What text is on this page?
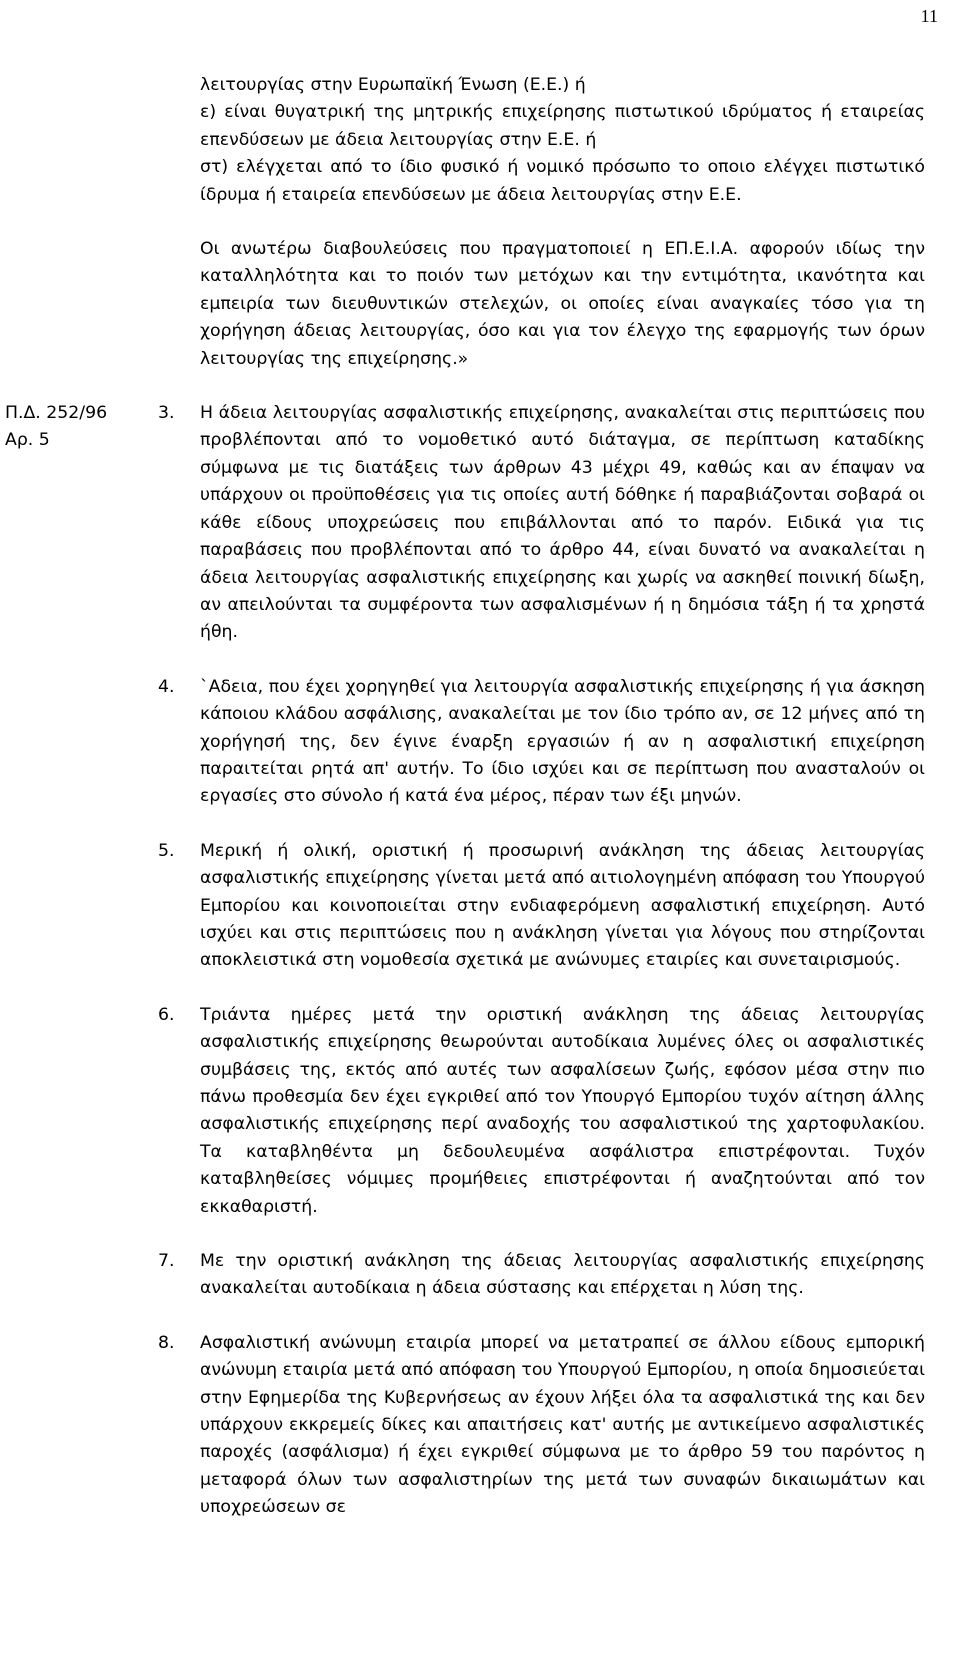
11
λειτουργίας στην Ευρωπαϊκή Ένωση (Ε.Ε.) ή
ε) είναι θυγατρική της μητρικής επιχείρησης πιστωτικού ιδρύματος ή εταιρείας επενδύσεων με άδεια λειτουργίας στην Ε.Ε. ή
στ) ελέγχεται από το ίδιο φυσικό ή νομικό πρόσωπο το οποιο ελέγχει πιστωτικό ίδρυμα ή εταιρεία επενδύσεων με άδεια λειτουργίας στην Ε.Ε.
Οι ανωτέρω διαβουλεύσεις που πραγματοποιεί η ΕΠ.Ε.Ι.Α. αφορούν ιδίως την καταλληλότητα και το ποιόν των μετόχων και την εντιμότητα, ικανότητα και εμπειρία των διευθυντικών στελεχών, οι οποίες είναι αναγκαίες τόσο για τη χορήγηση άδειας λειτουργίας, όσο και για τον έλεγχο της εφαρμογής των όρων λειτουργίας της επιχείρησης.»
Π.Δ. 252/96
Αρ. 5
3. Η άδεια λειτουργίας ασφαλιστικής επιχείρησης, ανακαλείται στις περιπτώσεις που προβλέπονται από το νομοθετικό αυτό διάταγμα, σε περίπτωση καταδίκης σύμφωνα με τις διατάξεις των άρθρων 43 μέχρι 49, καθώς και αν έπαψαν να υπάρχουν οι προϋποθέσεις για τις οποίες αυτή δόθηκε ή παραβιάζονται σοβαρά οι κάθε είδους υποχρεώσεις που επιβάλλονται από το παρόν. Ειδικά για τις παραβάσεις που προβλέπονται από το άρθρο 44, είναι δυνατό να ανακαλείται η άδεια λειτουργίας ασφαλιστικής επιχείρησης και χωρίς να ασκηθεί ποινική δίωξη, αν απειλούνται τα συμφέροντα των ασφαλισμένων ή η δημόσια τάξη ή τα χρηστά ήθη.
4. `Αδεια, που έχει χορηγηθεί για λειτουργία ασφαλιστικής επιχείρησης ή για άσκηση κάποιου κλάδου ασφάλισης, ανακαλείται με τον ίδιο τρόπο αν, σε 12 μήνες από τη χορήγησή της, δεν έγινε έναρξη εργασιών ή αν η ασφαλιστική επιχείρηση παραιτείται ρητά απ' αυτήν. Το ίδιο ισχύει και σε περίπτωση που ανασταλούν οι εργασίες στο σύνολο ή κατά ένα μέρος, πέραν των έξι μηνών.
5. Μερική ή ολική, οριστική ή προσωρινή ανάκληση της άδειας λειτουργίας ασφαλιστικής επιχείρησης γίνεται μετά από αιτιολογημένη απόφαση του Υπουργού Εμπορίου και κοινοποιείται στην ενδιαφερόμενη ασφαλιστική επιχείρηση. Αυτό ισχύει και στις περιπτώσεις που η ανάκληση γίνεται για λόγους που στηρίζονται αποκλειστικά στη νομοθεσία σχετικά με ανώνυμες εταιρίες και συνεταιρισμούς.
6. Τριάντα ημέρες μετά την οριστική ανάκληση της άδειας λειτουργίας ασφαλιστικής επιχείρησης θεωρούνται αυτοδίκαια λυμένες όλες οι ασφαλιστικές συμβάσεις της, εκτός από αυτές των ασφαλίσεων ζωής, εφόσον μέσα στην πιο πάνω προθεσμία δεν έχει εγκριθεί από τον Υπουργό Εμπορίου τυχόν αίτηση άλλης ασφαλιστικής επιχείρησης περί αναδοχής του ασφαλιστικού της χαρτοφυλακίου. Τα καταβληθέντα μη δεδουλευμένα ασφάλιστρα επιστρέφονται. Τυχόν καταβληθείσες νόμιμες προμήθειες επιστρέφονται ή αναζητούνται από τον εκκαθαριστή.
7. Με την οριστική ανάκληση της άδειας λειτουργίας ασφαλιστικής επιχείρησης ανακαλείται αυτοδίκαια η άδεια σύστασης και επέρχεται η λύση της.
8. Ασφαλιστική ανώνυμη εταιρία μπορεί να μετατραπεί σε άλλου είδους εμπορική ανώνυμη εταιρία μετά από απόφαση του Υπουργού Εμπορίου, η οποία δημοσιεύεται στην Εφημερίδα της Κυβερνήσεως αν έχουν λήξει όλα τα ασφαλιστικά της και δεν υπάρχουν εκκρεμείς δίκες και απαιτήσεις κατ' αυτής με αντικείμενο ασφαλιστικές παροχές (ασφάλισμα) ή έχει εγκριθεί σύμφωνα με το άρθρο 59 του παρόντος η μεταφορά όλων των ασφαλιστηρίων της μετά των συναφών δικαιωμάτων και υποχρεώσεων σε
